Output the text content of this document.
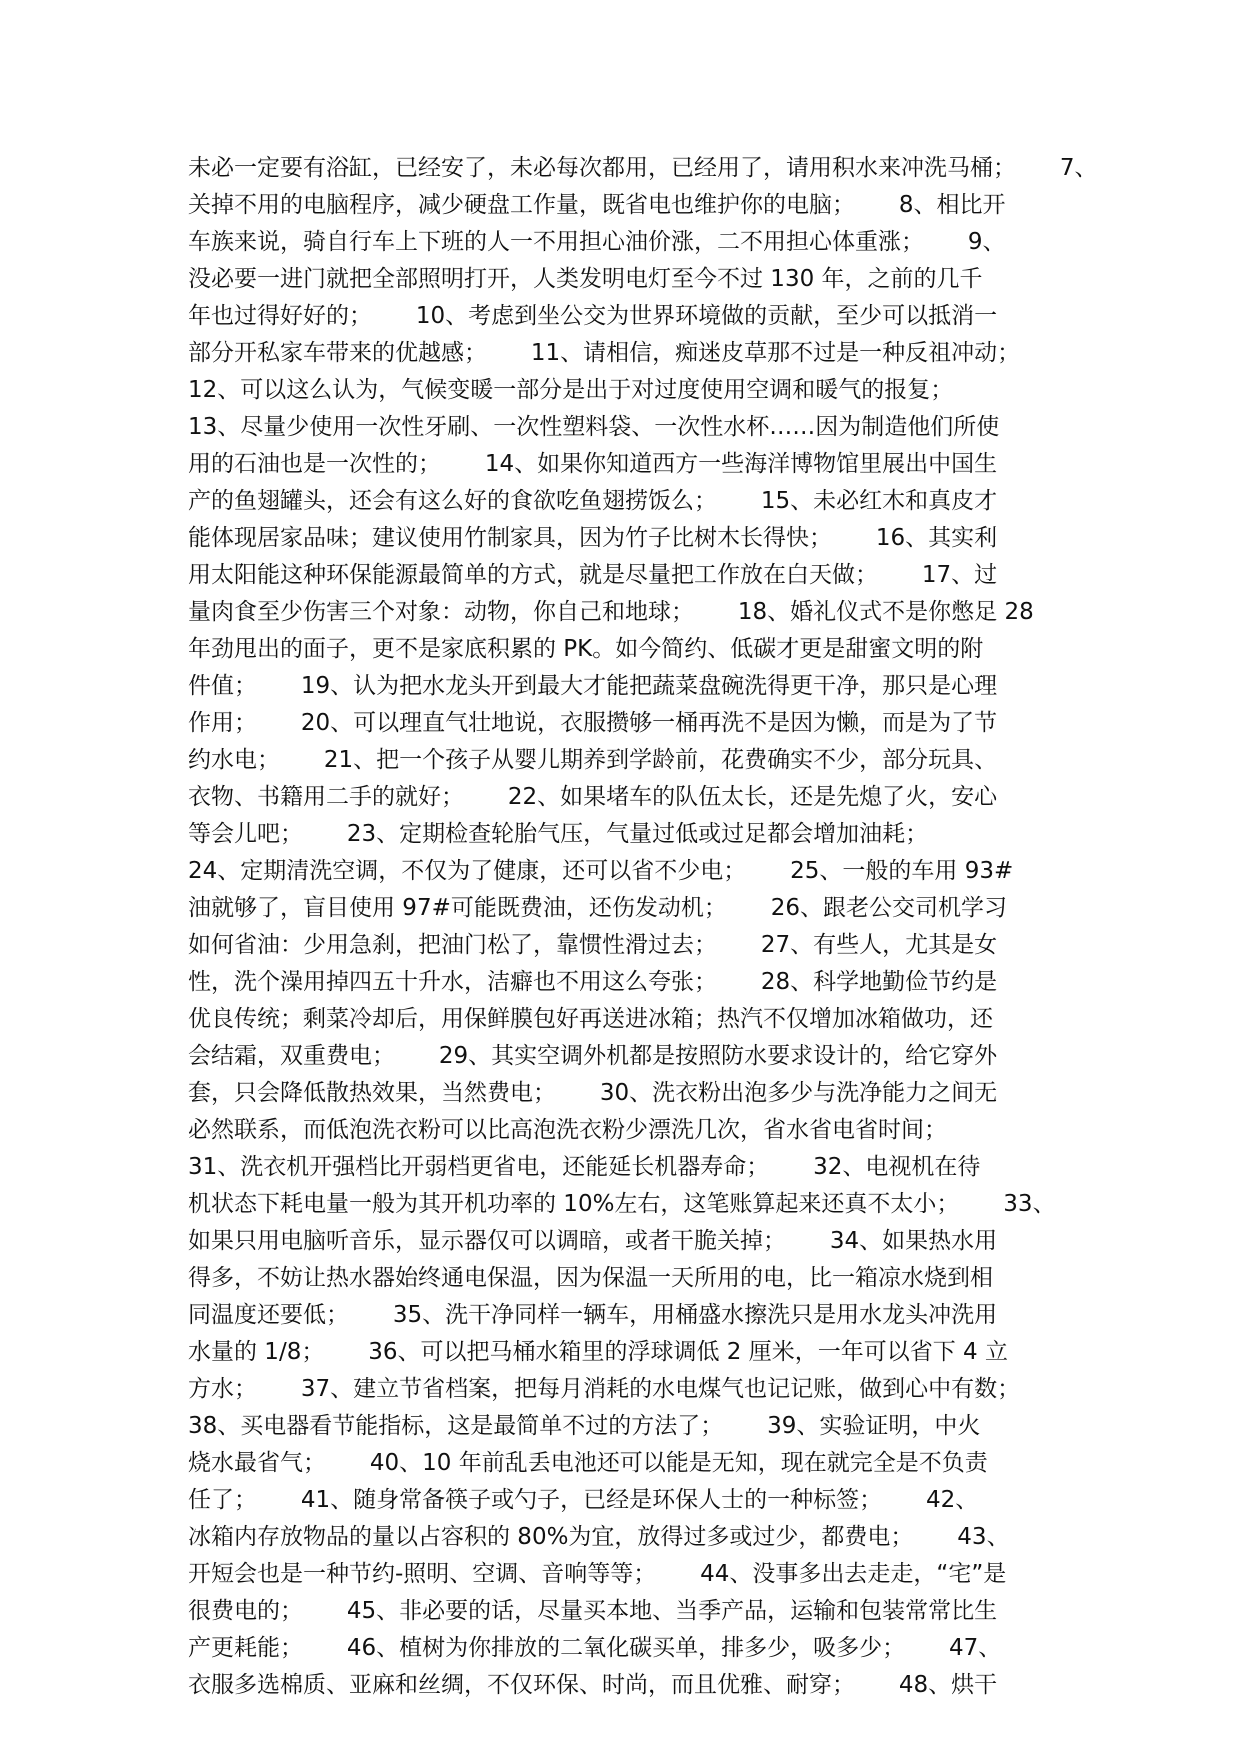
未必一定要有浴缸，已经安了，未必每次都用，已经用了，请用积水来冲洗马桶；      7、
关掉不用的电脑程序，减少硬盘工作量，既省电也维护你的电脑；      8、相比开
车族来说，骑自行车上下班的人一不用担心油价涨，二不用担心体重涨；      9、
没必要一进门就把全部照明打开，人类发明电灯至今不过 130 年，之前的几千
年也过得好好的；      10、考虑到坐公交为世界环境做的贡献，至少可以抵消一
部分开私家车带来的优越感；      11、请相信，痴迷皮草那不过是一种反祖冲动；
12、可以这么认为，气候变暖一部分是出于对过度使用空调和暖气的报复；
13、尽量少使用一次性牙刷、一次性塑料袋、一次性水杯……因为制造他们所使
用的石油也是一次性的；      14、如果你知道西方一些海洋博物馆里展出中国生
产的鱼翅罐头，还会有这么好的食欲吃鱼翅捞饭么；      15、未必红木和真皮才
能体现居家品味；建议使用竹制家具，因为竹子比树木长得快；      16、其实利
用太阳能这种环保能源最简单的方式，就是尽量把工作放在白天做；      17、过
量肉食至少伤害三个对象：动物，你自己和地球；      18、婚礼仪式不是你憋足 28
年劲甩出的面子，更不是家底积累的 PK。如今简约、低碳才更是甜蜜文明的附
件值；      19、认为把水龙头开到最大才能把蔬菜盘碗洗得更干净，那只是心理
作用；      20、可以理直气壮地说，衣服攒够一桶再洗不是因为懒，而是为了节
约水电；      21、把一个孩子从婴儿期养到学龄前，花费确实不少，部分玩具、
衣物、书籍用二手的就好；      22、如果堵车的队伍太长，还是先熄了火，安心
等会儿吧；      23、定期检查轮胎气压，气量过低或过足都会增加油耗；
24、定期清洗空调，不仅为了健康，还可以省不少电；      25、一般的车用 93#
油就够了，盲目使用 97#可能既费油，还伤发动机；      26、跟老公交司机学习
如何省油：少用急刹，把油门松了，靠惯性滑过去；      27、有些人，尤其是女
性，洗个澡用掉四五十升水，洁癖也不用这么夸张；      28、科学地勤俭节约是
优良传统；剩菜冷却后，用保鲜膜包好再送进冰箱；热汽不仅增加冰箱做功，还
会结霜，双重费电；      29、其实空调外机都是按照防水要求设计的，给它穿外
套，只会降低散热效果，当然费电；      30、洗衣粉出泡多少与洗净能力之间无
必然联系，而低泡洗衣粉可以比高泡洗衣粉少漂洗几次，省水省电省时间；
31、洗衣机开强档比开弱档更省电，还能延长机器寿命；      32、电视机在待
机状态下耗电量一般为其开机功率的 10%左右，这笔账算起来还真不太小；      33、
如果只用电脑听音乐，显示器仅可以调暗，或者干脆关掉；      34、如果热水用
得多，不妨让热水器始终通电保温，因为保温一天所用的电，比一箱凉水烧到相
同温度还要低；      35、洗干净同样一辆车，用桶盛水擦洗只是用水龙头冲洗用
水量的 1/8；      36、可以把马桶水箱里的浮球调低 2 厘米，一年可以省下 4 立
方水；      37、建立节省档案，把每月消耗的水电煤气也记记账，做到心中有数；
38、买电器看节能指标，这是最简单不过的方法了；      39、实验证明，中火
烧水最省气；      40、10 年前乱丢电池还可以能是无知，现在就完全是不负责
任了；      41、随身常备筷子或勺子，已经是环保人士的一种标签；      42、
冰箱内存放物品的量以占容积的 80%为宜，放得过多或过少，都费电；      43、
开短会也是一种节约-照明、空调、音响等等；      44、没事多出去走走，“宅”是
很费电的；      45、非必要的话，尽量买本地、当季产品，运输和包装常常比生
产更耗能；      46、植树为你排放的二氧化碳买单，排多少，吸多少；      47、
衣服多选棉质、亚麻和丝绸，不仅环保、时尚，而且优雅、耐穿；      48、烘干
